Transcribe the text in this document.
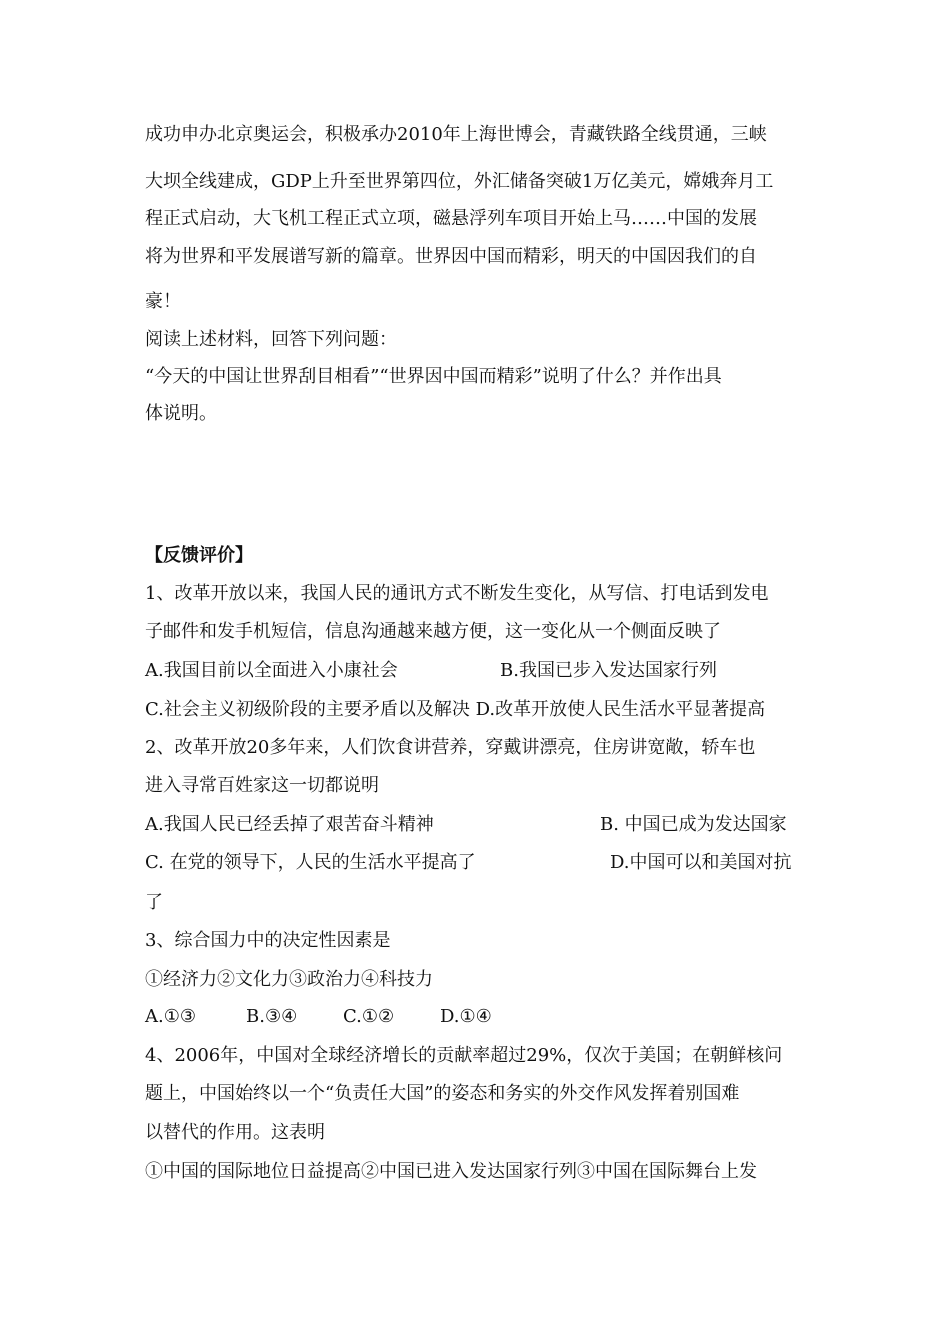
成功申办北京奥运会，积极承办2010年上海世博会，青藏铁路全线贯通，三峡
大坝全线建成，GDP上升至世界第四位，外汇储备突破1万亿美元，嫦娥奔月工
程正式启动，大飞机工程正式立项，磁悬浮列车项目开始上马……中国的发展
将为世界和平发展谱写新的篇章。世界因中国而精彩，明天的中国因我们的自
豪！
阅读上述材料，回答下列问题：
“今天的中国让世界刮目相看”“世界因中国而精彩”说明了什么？并作出具
体说明。
【反馈评价】
1、改革开放以来，我国人民的通讯方式不断发生变化，从写信、打电话到发电
子邮件和发手机短信，信息沟通越来越方便，这一变化从一个侧面反映了
A.我国目前以全面进入小康社会	B.我国已步入发达国家行列
C.社会主义初级阶段的主要矛盾以及解决 D.改革开放使人民生活水平显著提高
2、改革开放20多年来，人们饮食讲营养，穿戴讲漂亮，住房讲宽敞，轿车也
进入寻常百姓家这一切都说明
A.我国人民已经丢掉了艰苦奋斗精神	B. 中国已成为发达国家
C. 在党的领导下，人民的生活水平提高了	D.中国可以和美国对抗
了
3、综合国力中的决定性因素是
①经济力②文化力③政治力④科技力
A.①③	B.③④	C.①②	D.①④
4、2006年，中国对全球经济增长的贡献率超过29%，仅次于美国；在朝鲜核问
题上，中国始终以一个“负责任大国”的姿态和务实的外交作风发挥着别国难
以替代的作用。这表明
①中国的国际地位日益提高②中国已进入发达国家行列③中国在国际舞台上发
